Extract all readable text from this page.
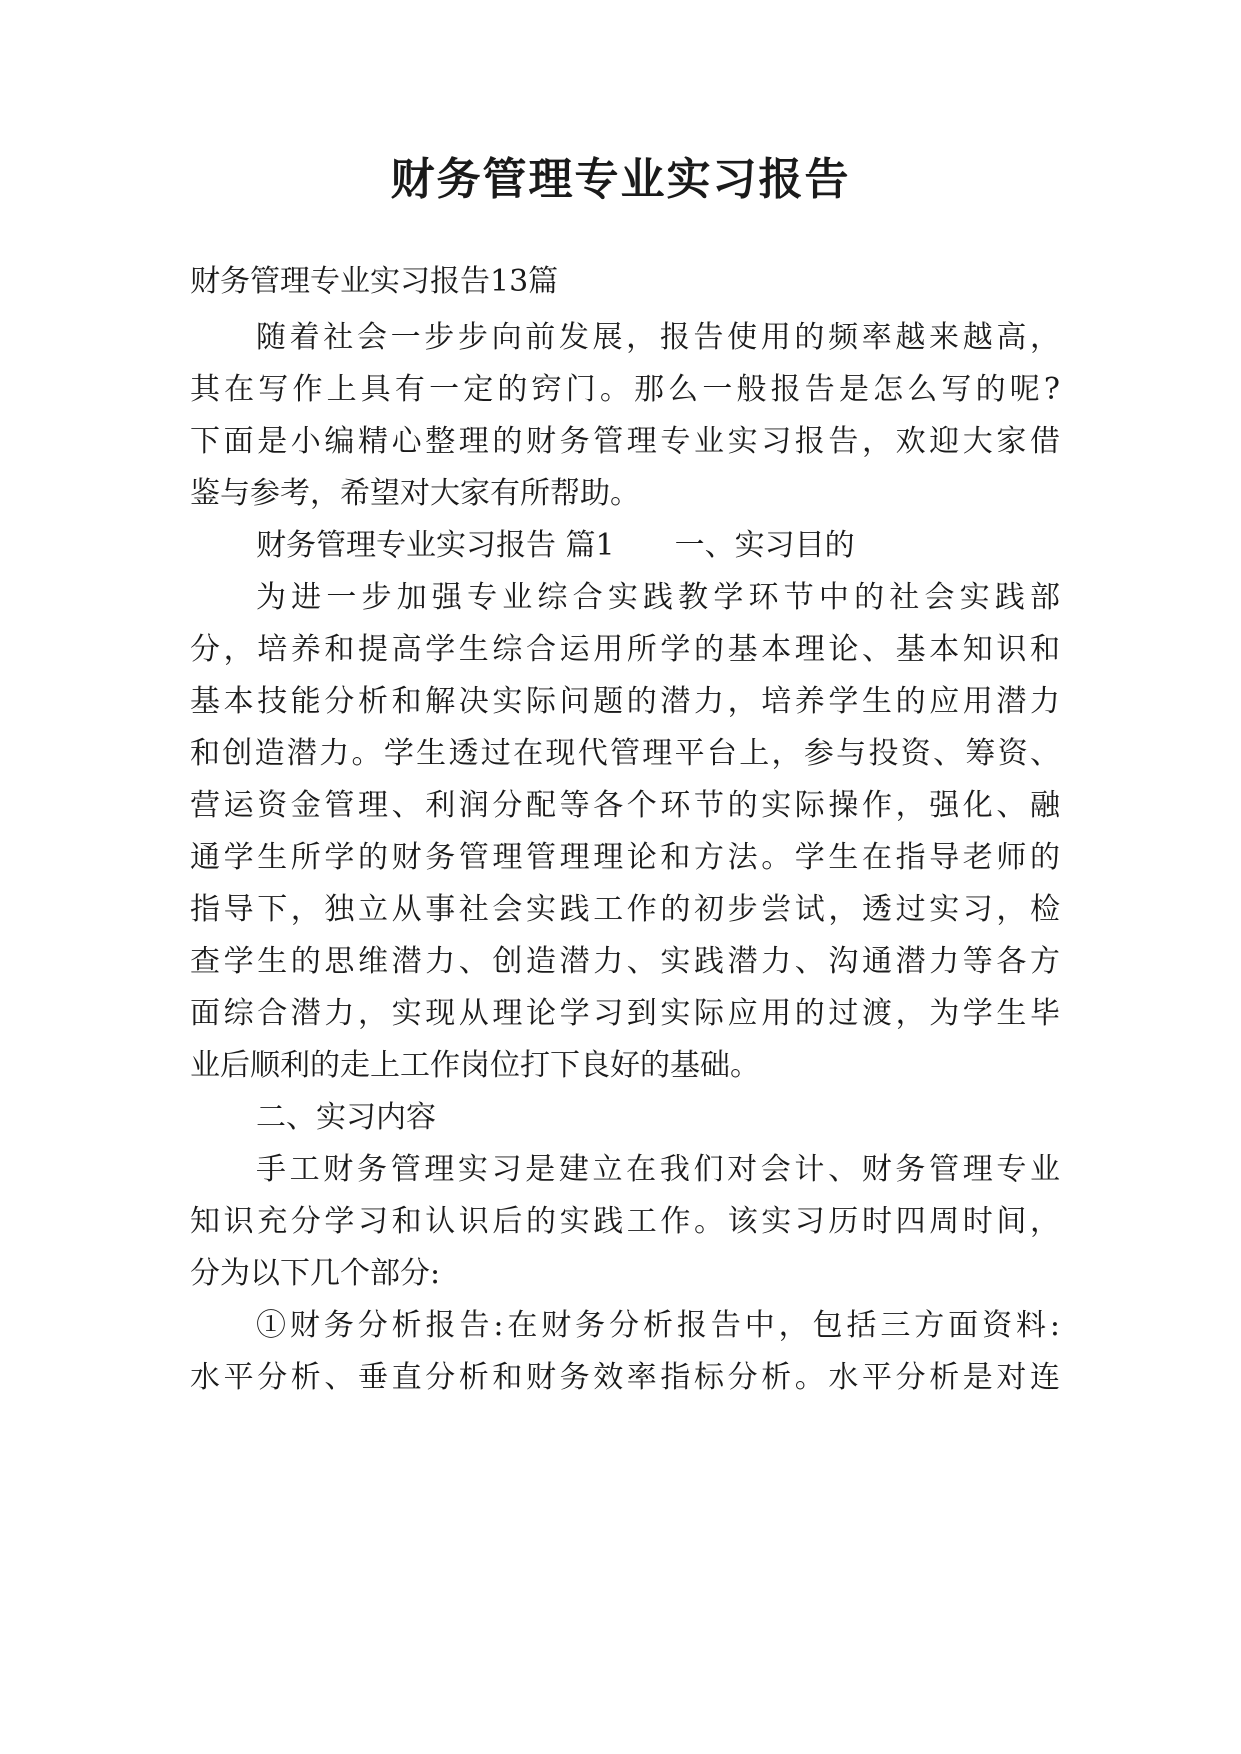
财务管理专业实习报告

财务管理专业实习报告13篇

随着社会一步步向前发展，报告使用的频率越来越高，

其在写作上具有一定的窍门。那么一般报告是怎么写的呢?

下面是小编精心整理的财务管理专业实习报告，欢迎大家借

鉴与参考，希望对大家有所帮助。

财务管理专业实习报告 篇1 一、实习目的

为进一步加强专业综合实践教学环节中的社会实践部

分，培养和提高学生综合运用所学的基本理论、基本知识和

基本技能分析和解决实际问题的潜力，培养学生的应用潜力

和创造潜力。学生透过在现代管理平台上，参与投资、筹资、

营运资金管理、利润分配等各个环节的实际操作，强化、融

通学生所学的财务管理管理理论和方法。学生在指导老师的

指导下，独立从事社会实践工作的初步尝试，透过实习，检

查学生的思维潜力、创造潜力、实践潜力、沟通潜力等各方

面综合潜力，实现从理论学习到实际应用的过渡，为学生毕

业后顺利的走上工作岗位打下良好的基础。

二、实习内容

手工财务管理实习是建立在我们对会计、财务管理专业

知识充分学习和认识后的实践工作。该实习历时四周时间，

分为以下几个部分:

①财务分析报告:在财务分析报告中，包括三方面资料:

水平分析、垂直分析和财务效率指标分析。水平分析是对连
